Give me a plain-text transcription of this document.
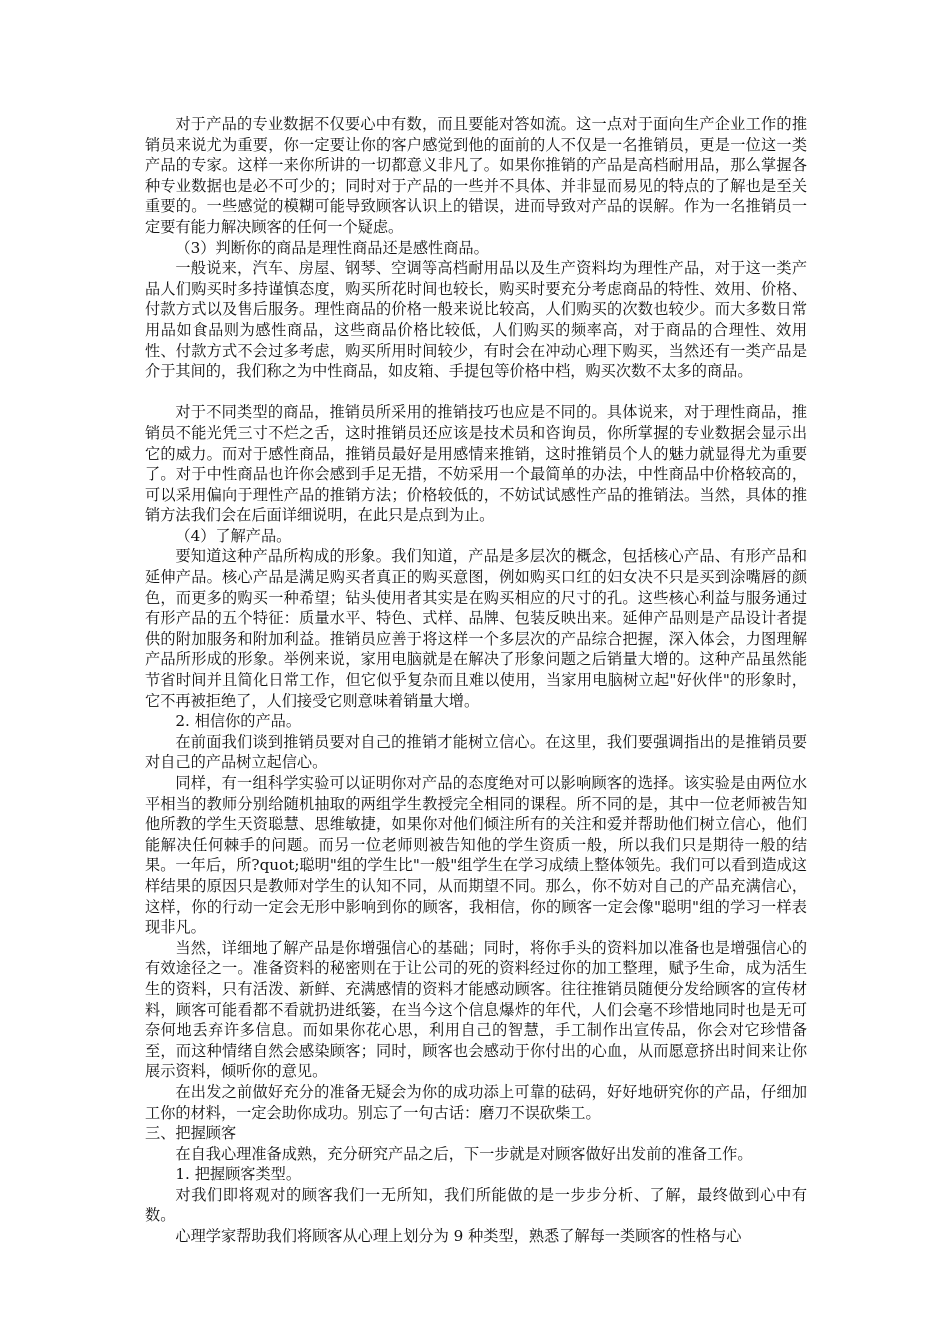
对于产品的专业数据不仅要心中有数，而且要能对答如流。这一点对于面向生产企业工作的推销员来说尤为重要，你一定要让你的客户感觉到他的面前的人不仅是一名推销员，更是一位这一类产品的专家。这样一来你所讲的一切都意义非凡了。如果你推销的产品是高档耐用品，那么掌握各种专业数据也是必不可少的；同时对于产品的一些并不具体、并非显而易见的特点的了解也是至关重要的。一些感觉的模糊可能导致顾客认识上的错误，进而导致对产品的误解。作为一名推销员一定要有能力解决顾客的任何一个疑虑。

（3）判断你的商品是理性商品还是感性商品。

一般说来，汽车、房屋、钢琴、空调等高档耐用品以及生产资料均为理性产品，对于这一类产品人们购买时多持谨慎态度，购买所花时间也较长，购买时要充分考虑商品的特性、效用、价格、付款方式以及售后服务。理性商品的价格一般来说比较高，人们购买的次数也较少。而大多数日常用品如食品则为感性商品，这些商品价格比较低，人们购买的频率高，对于商品的合理性、效用性、付款方式不会过多考虑，购买所用时间较少，有时会在冲动心理下购买，当然还有一类产品是介于其间的，我们称之为中性商品，如皮箱、手提包等价格中档，购买次数不太多的商品。

对于不同类型的商品，推销员所采用的推销技巧也应是不同的。具体说来，对于理性商品，推销员不能光凭三寸不烂之舌，这时推销员还应该是技术员和咨询员，你所掌握的专业数据会显示出它的威力。而对于感性商品，推销员最好是用感情来推销，这时推销员个人的魅力就显得尤为重要了。对于中性商品也许你会感到手足无措，不妨采用一个最简单的办法，中性商品中价格较高的，可以采用偏向于理性产品的推销方法；价格较低的，不妨试试感性产品的推销法。当然，具体的推销方法我们会在后面详细说明，在此只是点到为止。

（4）了解产品。

要知道这种产品所构成的形象。我们知道，产品是多层次的概念，包括核心产品、有形产品和延伸产品。核心产品是满足购买者真正的购买意图，例如购买口红的妇女决不只是买到涂嘴唇的颜色，而更多的购买一种希望；钻头使用者其实是在购买相应的尺寸的孔。这些核心利益与服务通过有形产品的五个特征：质量水平、特色、式样、品牌、包装反映出来。延伸产品则是产品设计者提供的附加服务和附加利益。推销员应善于将这样一个多层次的产品综合把握，深入体会，力图理解产品所形成的形象。举例来说，家用电脑就是在解决了形象问题之后销量大增的。这种产品虽然能节省时间并且简化日常工作，但它似乎复杂而且难以使用，当家用电脑树立起"好伙伴"的形象时，它不再被拒绝了，人们接受它则意味着销量大增。

2. 相信你的产品。

在前面我们谈到推销员要对自己的推销才能树立信心。在这里，我们要强调指出的是推销员要对自己的产品树立起信心。

同样，有一组科学实验可以证明你对产品的态度绝对可以影响顾客的选择。该实验是由两位水平相当的教师分别给随机抽取的两组学生教授完全相同的课程。所不同的是，其中一位老师被告知他所教的学生天资聪慧、思维敏捷，如果你对他们倾注所有的关注和爱并帮助他们树立信心，他们能解决任何棘手的问题。而另一位老师则被告知他的学生资质一般，所以我们只是期待一般的结果。一年后，所?quot;聪明"组的学生比"一般"组学生在学习成绩上整体领先。我们可以看到造成这样结果的原因只是教师对学生的认知不同，从而期望不同。那么，你不妨对自己的产品充满信心，这样，你的行动一定会无形中影响到你的顾客，我相信，你的顾客一定会像"聪明"组的学习一样表现非凡。

当然，详细地了解产品是你增强信心的基础；同时，将你手头的资料加以准备也是增强信心的有效途径之一。准备资料的秘密则在于让公司的死的资料经过你的加工整理，赋予生命，成为活生生的资料，只有活泼、新鲜、充满感情的资料才能感动顾客。往往推销员随便分发给顾客的宣传材料，顾客可能看都不看就扔进纸篓，在当今这个信息爆炸的年代，人们会毫不珍惜地同时也是无可奈何地丢弃许多信息。而如果你花心思，利用自己的智慧，手工制作出宣传品，你会对它珍惜备至，而这种情绪自然会感染顾客；同时，顾客也会感动于你付出的心血，从而愿意挤出时间来让你展示资料，倾听你的意见。

在出发之前做好充分的准备无疑会为你的成功添上可靠的砝码，好好地研究你的产品，仔细加工你的材料，一定会助你成功。别忘了一句古话：磨刀不误砍柴工。

三、把握顾客

在自我心理准备成熟，充分研究产品之后，下一步就是对顾客做好出发前的准备工作。

1. 把握顾客类型。

对我们即将观对的顾客我们一无所知，我们所能做的是一步步分析、了解，最终做到心中有数。

心理学家帮助我们将顾客从心理上划分为 9 种类型，熟悉了解每一类顾客的性格与心
